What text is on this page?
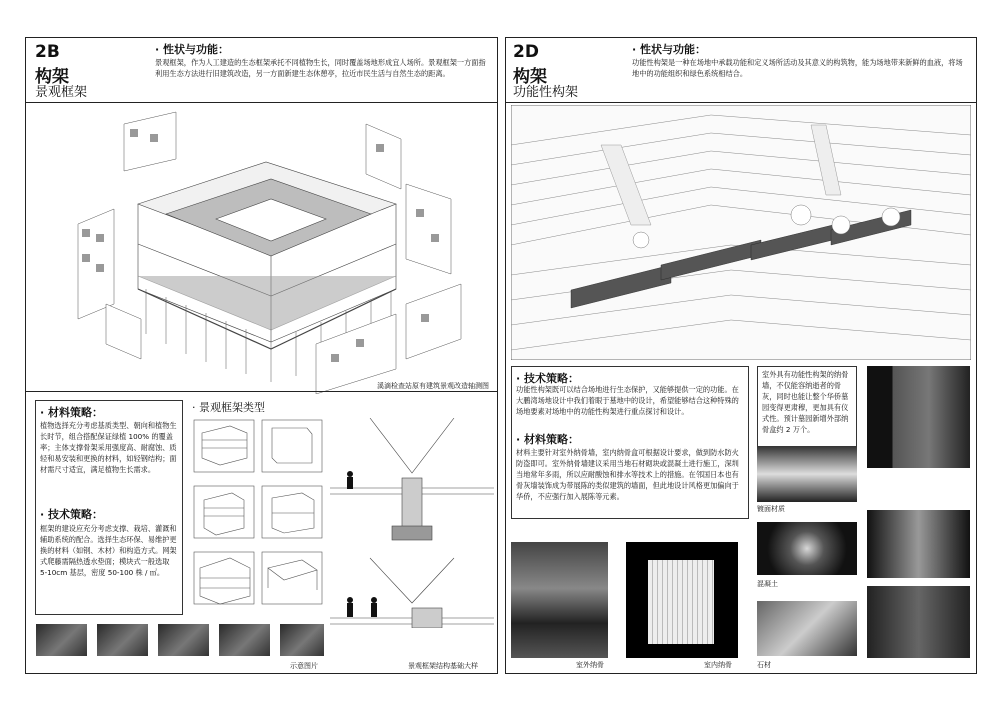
2B
构架
景观框架
· 性状与功能：
景观框架，作为人工建造的生态框架承托不同植物生长，同时覆盖场地形成宜人场所。景观框架一方面指利用生态方法进行旧建筑改造，另一方面新建生态休憩亭，拉近市民生活与自然生态的距离。
溪滴检查站原有建筑景观改造轴测图
· 材料策略：
植物选择充分考虑基质类型、朝向和植物生长时节，组合搭配保证绿植 100% 的覆盖率；主体支撑骨架采用强度高、耐腐蚀、质轻和易安装和更换的材料，如轻钢结构；面材需尺寸适宜，满足植物生长需求。
· 技术策略：
框架的建设应充分考虑支撑、栽培、灌溉和辅助系统的配合。选择生态环保、易维护更换的材料（如钢、木材）和构造方式。网架式爬藤需隔热透水垫面；模块式一般选取 5-10cm 基层，密度 50-100 株 / ㎡。
· 景观框架类型
示意图片	景观框架结构基础大样
2D
构架
功能性构架
· 性状与功能：
功能性构架是一种在场地中承载功能和定义场所活动及其意义的构筑物，能为场地带来新鲜的血液，将场地中的功能组织和绿色系统相结合。
· 技术策略：
功能性构架既可以结合场地进行生态保护，又能够提供一定的功能。在大鹏湾场地设计中我们着眼于墓地中的设计，希望能够结合这种特殊的场地要素对场地中的功能性构架进行重点探讨和设计。
· 材料策略：
材料主要针对室外纳骨墙，室内纳骨盒可根据设计要求，做到防水防火防盗即可。室外纳骨墙建议采用当地石材砌块或混凝土进行施工，深圳当地常年多雨，所以应耐酸蚀和排水等技术上的措施。在邻国日本也有骨灰墙装饰成为带展陈的类似建筑的墙面，但此地设计风格更加偏向于华侨，不应强行加入展陈等元素。
室外具有功能性构架的纳骨墙，不仅能容纳逝者的骨灰，同时也能让整个华侨墓园变得更肃穆，更加具有仪式性。预计墓园新增外部纳骨盒约 2 万个。
镀面材质
混凝土
室外纳骨	室内纳骨	石材
